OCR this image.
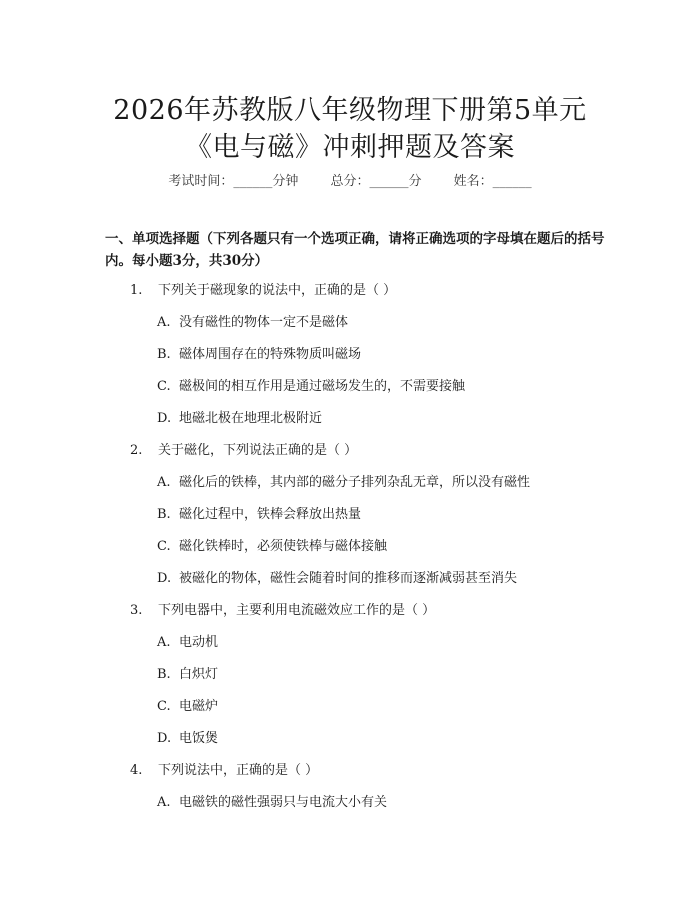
2026年苏教版八年级物理下册第5单元《电与磁》冲刺押题及答案
考试时间：______分钟 总分：______分 姓名：______
一、单项选择题（下列各题只有一个选项正确，请将正确选项的字母填在题后的括号内。每小题3分，共30分）
1. 下列关于磁现象的说法中，正确的是（ ）
A. 没有磁性的物体一定不是磁体
B. 磁体周围存在的特殊物质叫磁场
C. 磁极间的相互作用是通过磁场发生的，不需要接触
D. 地磁北极在地理北极附近
2. 关于磁化，下列说法正确的是（ ）
A. 磁化后的铁棒，其内部的磁分子排列杂乱无章，所以没有磁性
B. 磁化过程中，铁棒会释放出热量
C. 磁化铁棒时，必须使铁棒与磁体接触
D. 被磁化的物体，磁性会随着时间的推移而逐渐减弱甚至消失
3. 下列电器中，主要利用电流磁效应工作的是（ ）
A. 电动机
B. 白炽灯
C. 电磁炉
D. 电饭煲
4. 下列说法中，正确的是（ ）
A. 电磁铁的磁性强弱只与电流大小有关
